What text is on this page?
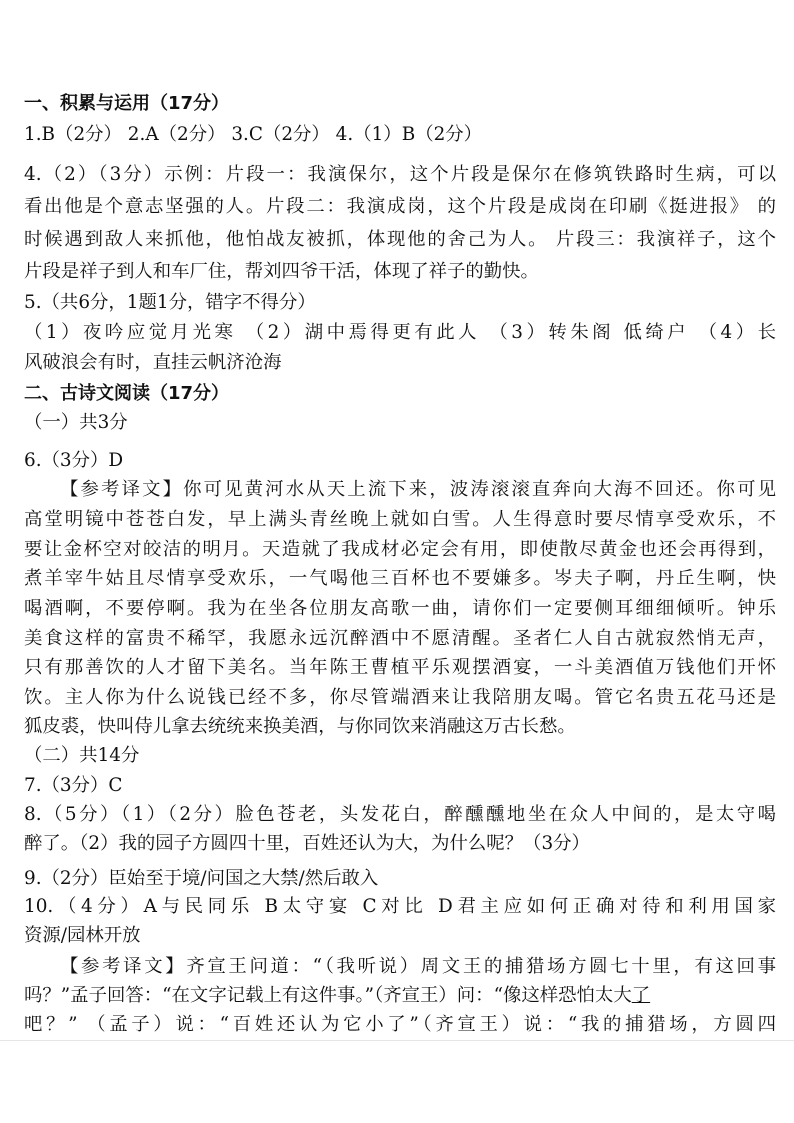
一、积累与运用（17分）
1.B（2分） 2.A（2分） 3.C（2分） 4.（1）B（2分）
4.（2）（3分）示例：片段一：我演保尔，这个片段是保尔在修筑铁路时生病，可以
看出他是个意志坚强的人。片段二：我演成岗，这个片段是成岗在印刷《挺进报》 的
时候遇到敌人来抓他，他怕战友被抓，体现他的舍己为人。 片段三：我演祥子，这个
片段是祥子到人和车厂住，帮刘四爷干活，体现了祥子的勤快。
5.（共6分，1题1分，错字不得分）
（1）夜吟应觉月光寒 （2）湖中焉得更有此人 （3）转朱阁 低绮户 （4）长
风破浪会有时，直挂云帆济沧海
二、古诗文阅读（17分）
（一）共3分
6.（3分）D
【参考译文】你可见黄河水从天上流下来，波涛滚滚直奔向大海不回还。你可见
高堂明镜中苍苍白发，早上满头青丝晚上就如白雪。人生得意时要尽情享受欢乐，不
要让金杯空对皎洁的明月。天造就了我成材必定会有用，即使散尽黄金也还会再得到，
煮羊宰牛姑且尽情享受欢乐，一气喝他三百杯也不要嫌多。岑夫子啊，丹丘生啊，快
喝酒啊，不要停啊。我为在坐各位朋友高歌一曲，请你们一定要侧耳细细倾听。钟乐
美食这样的富贵不稀罕，我愿永远沉醉酒中不愿清醒。圣者仁人自古就寂然悄无声，
只有那善饮的人才留下美名。当年陈王曹植平乐观摆酒宴，一斗美酒值万钱他们开怀
饮。主人你为什么说钱已经不多，你尽管端酒来让我陪朋友喝。管它名贵五花马还是
狐皮裘，快叫侍儿拿去统统来换美酒，与你同饮来消融这万古长愁。
（二）共14分
7.（3分）C
8.（5分）（1）（2分）脸色苍老，头发花白，醉醺醺地坐在众人中间的，是太守喝
醉了。（2）我的园子方圆四十里，百姓还认为大，为什么呢？（3分）
9.（2分）臣始至于境/问国之大禁/然后敢入
10.（4分）A与民同乐 B太守宴 C对比 D君主应如何正确对待和利用国家
资源/园林开放
【参考译文】齐宣王问道：“（我听说）周文王的捕猎场方圆七十里，有这回事
吗？”孟子回答：“在文字记载上有这件事。”（齐宣王）问：“像这样恐怕太大了
吧？” （孟子）说：“百姓还认为它小了”（齐宣王）说：“我的捕猎场，方圆四
